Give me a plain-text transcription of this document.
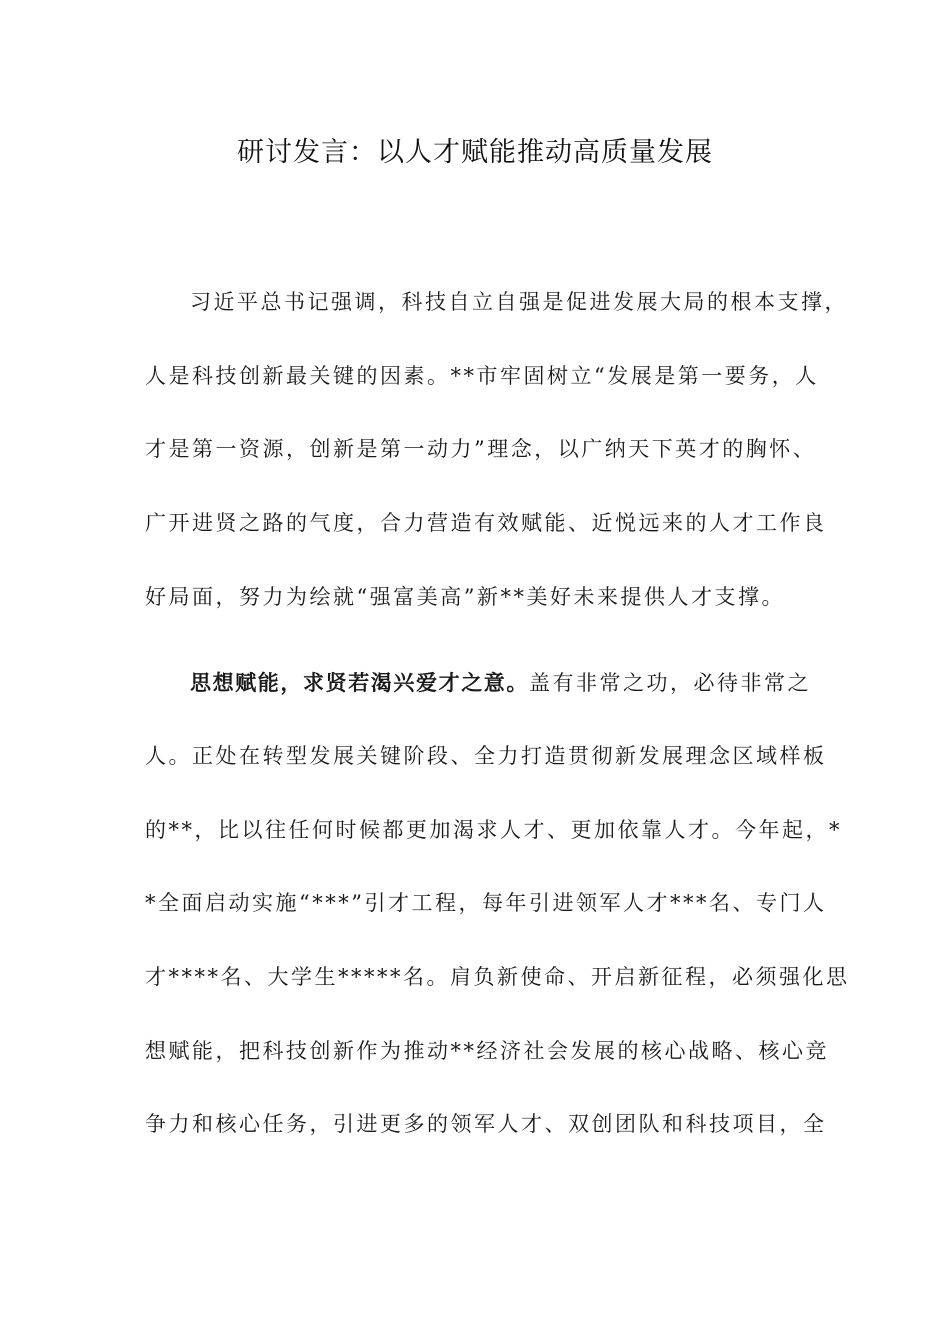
研讨发言：以人才赋能推动高质量发展
习近平总书记强调，科技自立自强是促进发展大局的根本支撑，
人是科技创新最关键的因素。**市牢固树立“发展是第一要务，人
才是第一资源，创新是第一动力”理念，以广纳天下英才的胸怀、
广开进贤之路的气度，合力营造有效赋能、近悦远来的人才工作良
好局面，努力为绘就“强富美高”新**美好未来提供人才支撑。
思想赋能，求贤若渴兴爱才之意。盖有非常之功，必待非常之
人。正处在转型发展关键阶段、全力打造贯彻新发展理念区域样板
的**，比以往任何时候都更加渴求人才、更加依靠人才。今年起，*
*全面启动实施“***”引才工程，每年引进领军人才***名、专门人
才****名、大学生*****名。肩负新使命、开启新征程，必须强化思
想赋能，把科技创新作为推动**经济社会发展的核心战略、核心竞
争力和核心任务，引进更多的领军人才、双创团队和科技项目，全
